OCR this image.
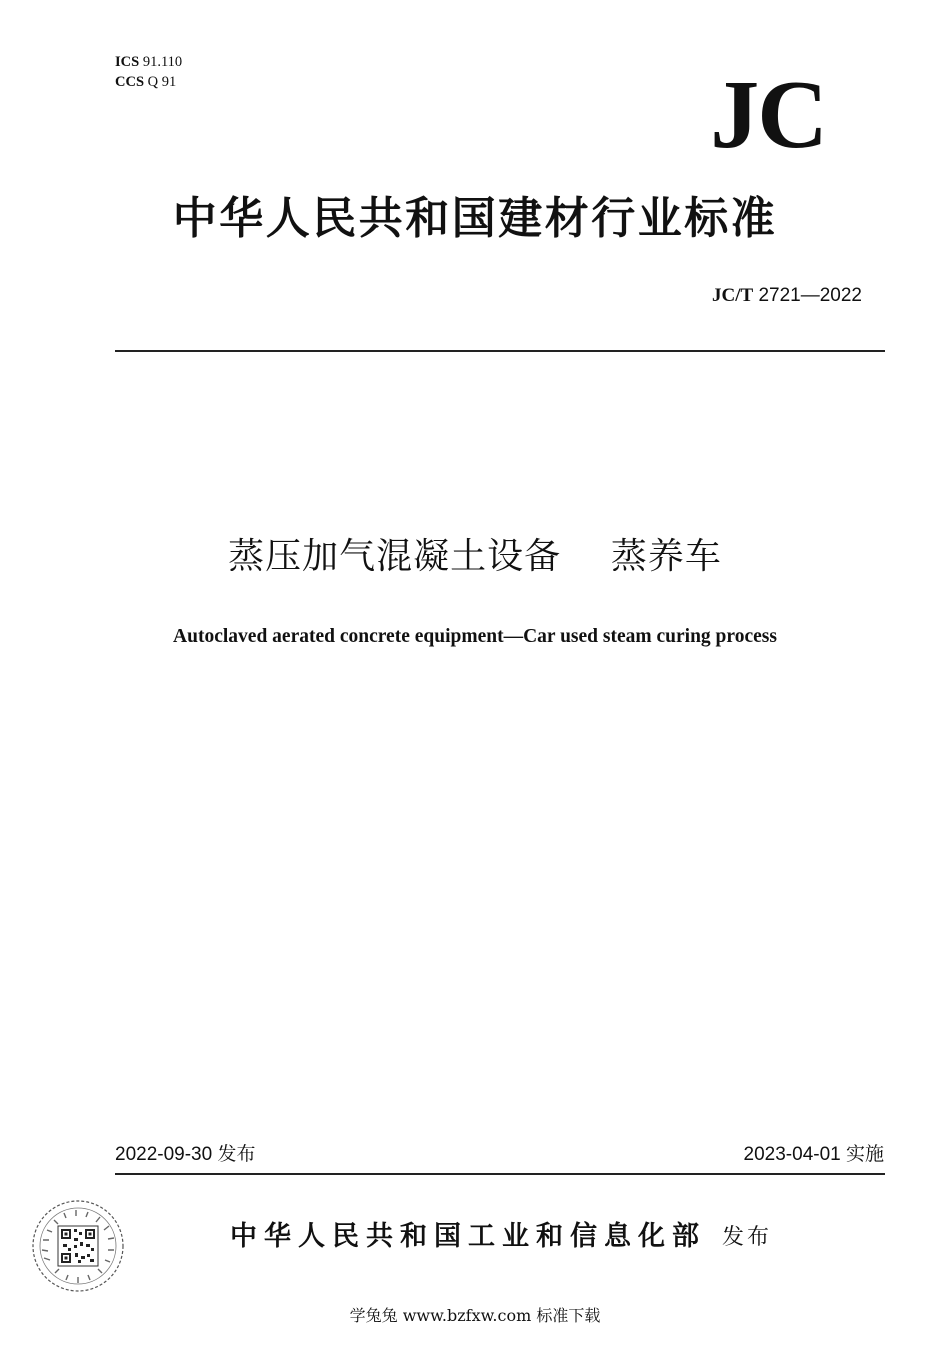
ICS 91.110
CCS Q 91	JC
中华人民共和国建材行业标准
JC/T 2721—2022
蒸压加气混凝土设备    蒸养车
Autoclaved aerated concrete equipment—Car used steam curing process
2022-09-30 发布	2023-04-01 实施
中华人民共和国工业和信息化部 发布
学兔兔 www.bzfxw.com 标准下载
